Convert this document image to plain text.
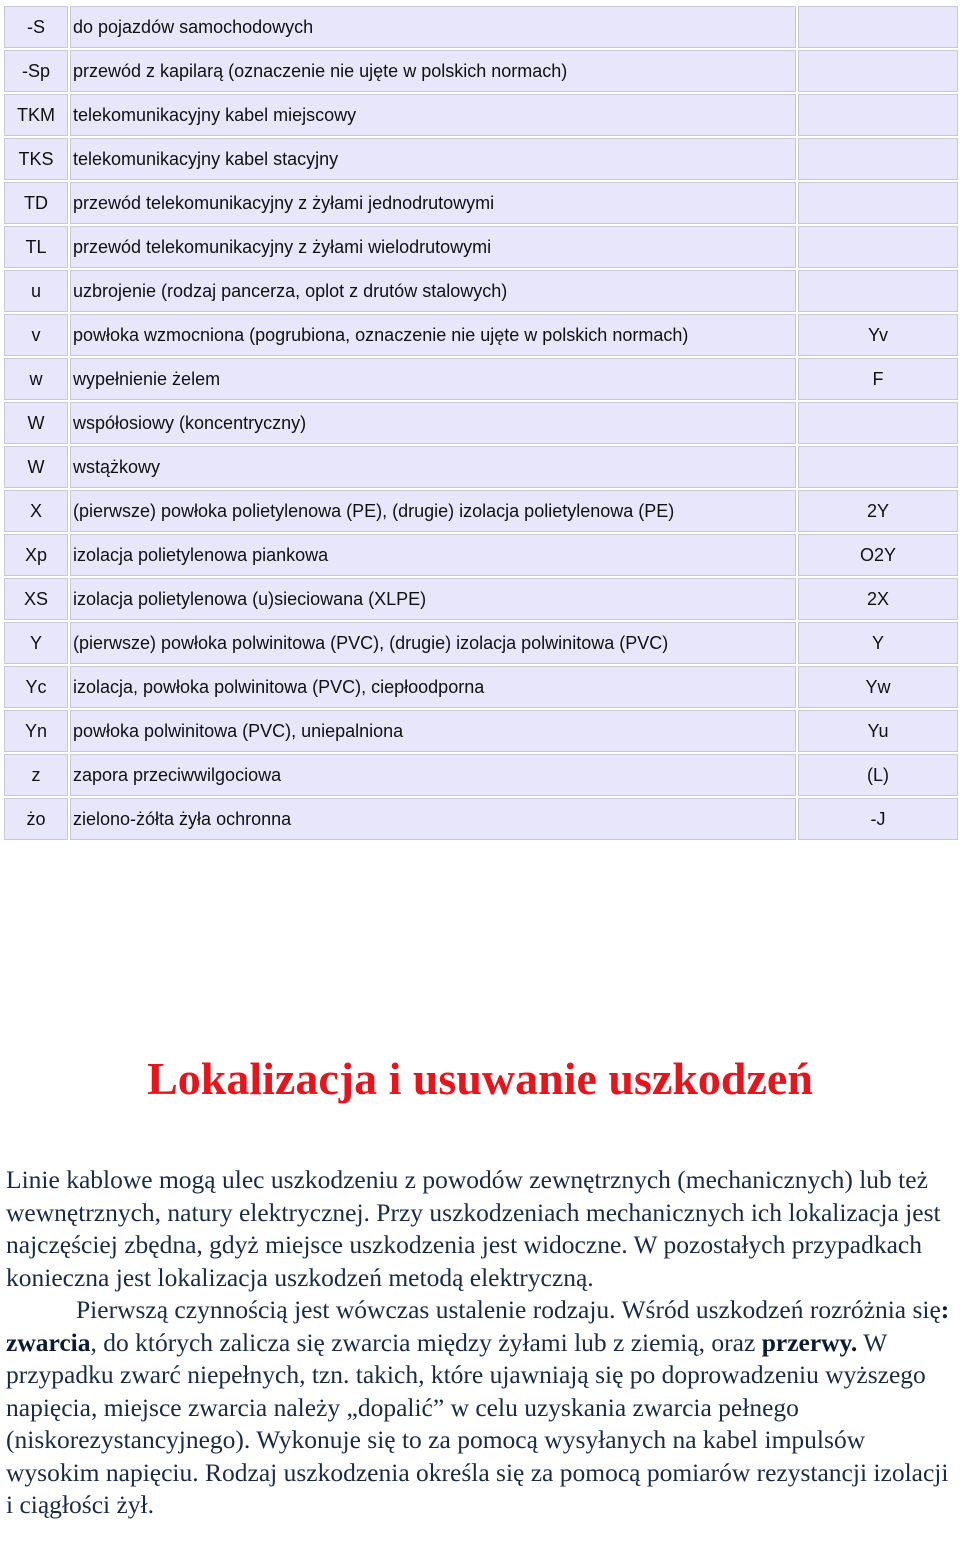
-S	do pojazdów samochodowych	
-Sp	przewód z kapilarą (oznaczenie nie ujęte w polskich normach)	
TKM	telekomunikacyjny kabel miejscowy	
TKS	telekomunikacyjny kabel stacyjny	
TD	przewód telekomunikacyjny z żyłami jednodrutowymi	
TL	przewód telekomunikacyjny z żyłami wielodrutowymi	
u	uzbrojenie (rodzaj pancerza, oplot z drutów stalowych)	
v	powłoka wzmocniona (pogrubiona, oznaczenie nie ujęte w polskich normach)	Yv
w	wypełnienie żelem	F
W	współosiowy (koncentryczny)	
W	wstążkowy	
X	(pierwsze) powłoka polietylenowa (PE), (drugie) izolacja polietylenowa (PE)	2Y
Xp	izolacja polietylenowa piankowa	O2Y
XS	izolacja polietylenowa (u)sieciowana (XLPE)	2X
Y	(pierwsze) powłoka polwinitowa (PVC), (drugie) izolacja polwinitowa (PVC)	Y
Yc	izolacja, powłoka polwinitowa (PVC), ciepłoodporna	Yw
Yn	powłoka polwinitowa (PVC), uniepalniona	Yu
z	zapora przeciwwilgociowa	(L)
żo	zielono-żółta żyła ochronna	-J
Lokalizacja i usuwanie uszkodzeń

Linie kablowe mogą ulec uszkodzeniu z powodów zewnętrznych (mechanicznych) lub też wewnętrznych, natury elektrycznej. Przy uszkodzeniach mechanicznych ich lokalizacja jest najczęściej zbędna, gdyż miejsce uszkodzenia jest widoczne. W pozostałych przypadkach konieczna jest lokalizacja uszkodzeń metodą elektryczną.

Pierwszą czynnością jest wówczas ustalenie rodzaju. Wśród uszkodzeń rozróżnia się: zwarcia, do których zalicza się zwarcia między żyłami lub z ziemią, oraz przerwy. W przypadku zwarć niepełnych, tzn. takich, które ujawniają się po doprowadzeniu wyższego napięcia, miejsce zwarcia należy „dopalić” w celu uzyskania zwarcia pełnego (niskorezystancyjnego). Wykonuje się to za pomocą wysyłanych na kabel impulsów wysokim napięciu. Rodzaj uszkodzenia określa się za pomocą pomiarów rezystancji izolacji i ciągłości żył.
